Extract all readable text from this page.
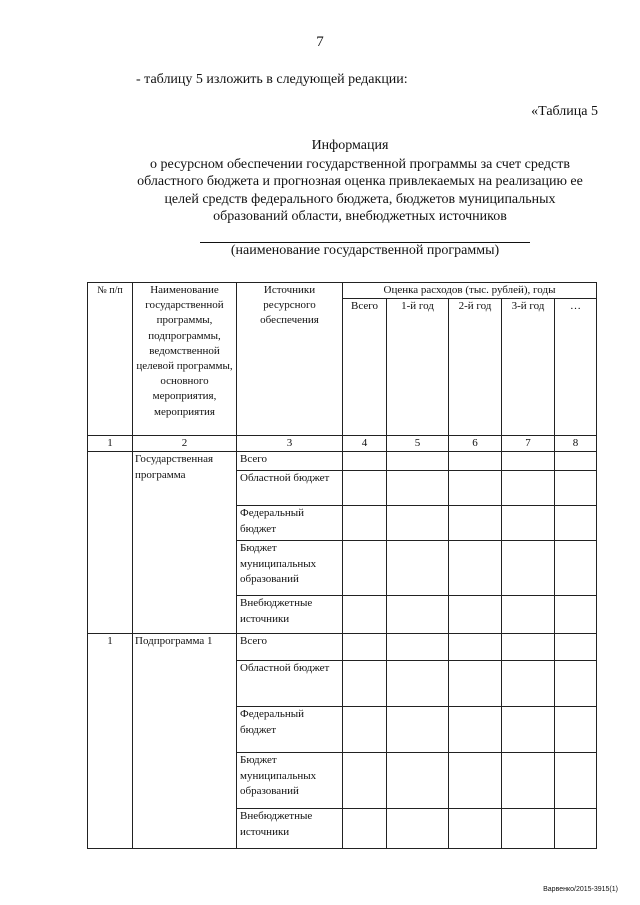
7
- таблицу 5 изложить в следующей редакции:
«Таблица 5
Информация
о ресурсном обеспечении государственной программы за счет средств
областного бюджета и прогнозная оценка привлекаемых на реализацию ее
целей средств федерального бюджета, бюджетов муниципальных
образований области, внебюджетных источников
(наименование государственной программы)
№ п/п	Наименование государственной программы, подпрограммы, ведомственной целевой программы, основного мероприятия, мероприятия	Источники ресурсного обеспечения	Оценка расходов (тыс. рублей), годы				
			Всего	1-й год	2-й год	3-й год	…
1	2	3	4	5	6	7	8
	Государственная программа	Всего					
		Областной бюджет					
		Федеральный бюджет					
		Бюджет муниципальных образований					
		Внебюджетные источники					
1	Подпрограмма 1	Всего					
		Областной бюджет					
		Федеральный бюджет					
		Бюджет муниципальных образований					
		Внебюджетные источники					
Варвенко/2015-3915(1)
